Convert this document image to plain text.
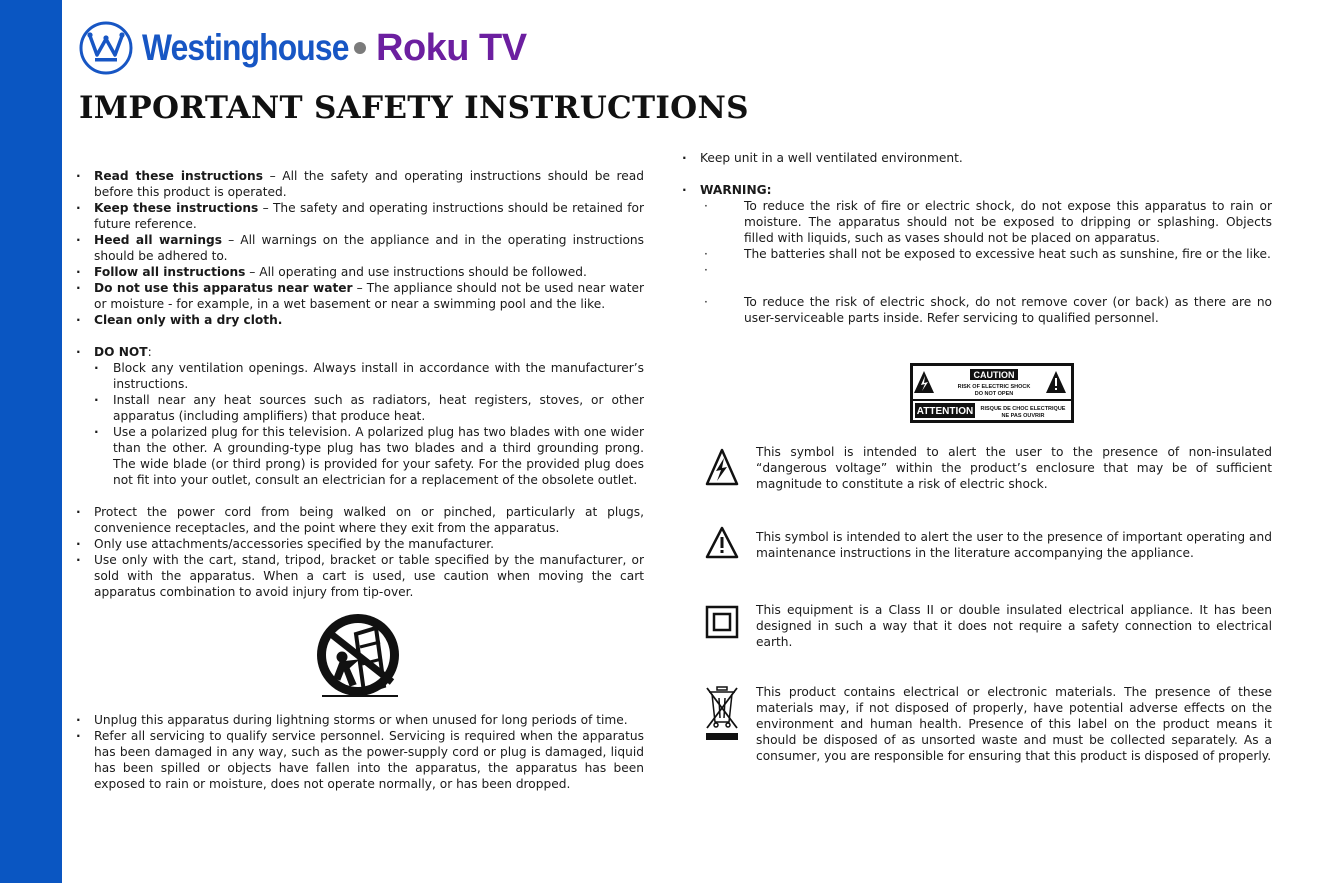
Westinghouse Roku TV
IMPORTANT SAFETY INSTRUCTIONS
· Read these instructions – All the safety and operating instructions should be read before this product is operated.
· Keep these instructions – The safety and operating instructions should be retained for future reference.
· Heed all warnings – All warnings on the appliance and in the operating instructions should be adhered to.
· Follow all instructions – All operating and use instructions should be followed.
· Do not use this apparatus near water – The appliance should not be used near water or moisture - for example, in a wet basement or near a swimming pool and the like.
· Clean only with a dry cloth.
· DO NOT:
· Block any ventilation openings. Always install in accordance with the manufacturer’s instructions.
· Install near any heat sources such as radiators, heat registers, stoves, or other apparatus (including amplifiers) that produce heat.
· Use a polarized plug for this television. A polarized plug has two blades with one wider than the other. A grounding-type plug has two blades and a third grounding prong. The wide blade (or third prong) is provided for your safety. For the provided plug does not fit into your outlet, consult an electrician for a replacement of the obsolete outlet.
· Protect the power cord from being walked on or pinched, particularly at plugs, convenience receptacles, and the point where they exit from the apparatus.
· Only use attachments/accessories specified by the manufacturer.
· Use only with the cart, stand, tripod, bracket or table specified by the manufacturer, or sold with the apparatus. When a cart is used, use caution when moving the cart apparatus combination to avoid injury from tip-over.
· Unplug this apparatus during lightning storms or when unused for long periods of time.
· Refer all servicing to qualify service personnel. Servicing is required when the apparatus has been damaged in any way, such as the power-supply cord or plug is damaged, liquid has been spilled or objects have fallen into the apparatus, the apparatus has been exposed to rain or moisture, does not operate normally, or has been dropped.
· Keep unit in a well ventilated environment.
· WARNING:
· To reduce the risk of fire or electric shock, do not expose this apparatus to rain or moisture. The apparatus should not be exposed to dripping or splashing. Objects filled with liquids, such as vases should not be placed on apparatus.
· The batteries shall not be exposed to excessive heat such as sunshine, fire or the like.
·
· To reduce the risk of electric shock, do not remove cover (or back) as there are no user-serviceable parts inside. Refer servicing to qualified personnel.
CAUTION
RISK OF ELECTRIC SHOCK
DO NOT OPEN
ATTENTION RISQUE DE CHOC ELECTRIQUE
NE PAS OUVRIR
This symbol is intended to alert the user to the presence of non-insulated “dangerous voltage” within the product’s enclosure that may be of sufficient magnitude to constitute a risk of electric shock.
This symbol is intended to alert the user to the presence of important operating and maintenance instructions in the literature accompanying the appliance.
This equipment is a Class II or double insulated electrical appliance. It has been designed in such a way that it does not require a safety connection to electrical earth.
This product contains electrical or electronic materials. The presence of these materials may, if not disposed of properly, have potential adverse effects on the environment and human health. Presence of this label on the product means it should be disposed of as unsorted waste and must be collected separately. As a consumer, you are responsible for ensuring that this product is disposed of properly.
